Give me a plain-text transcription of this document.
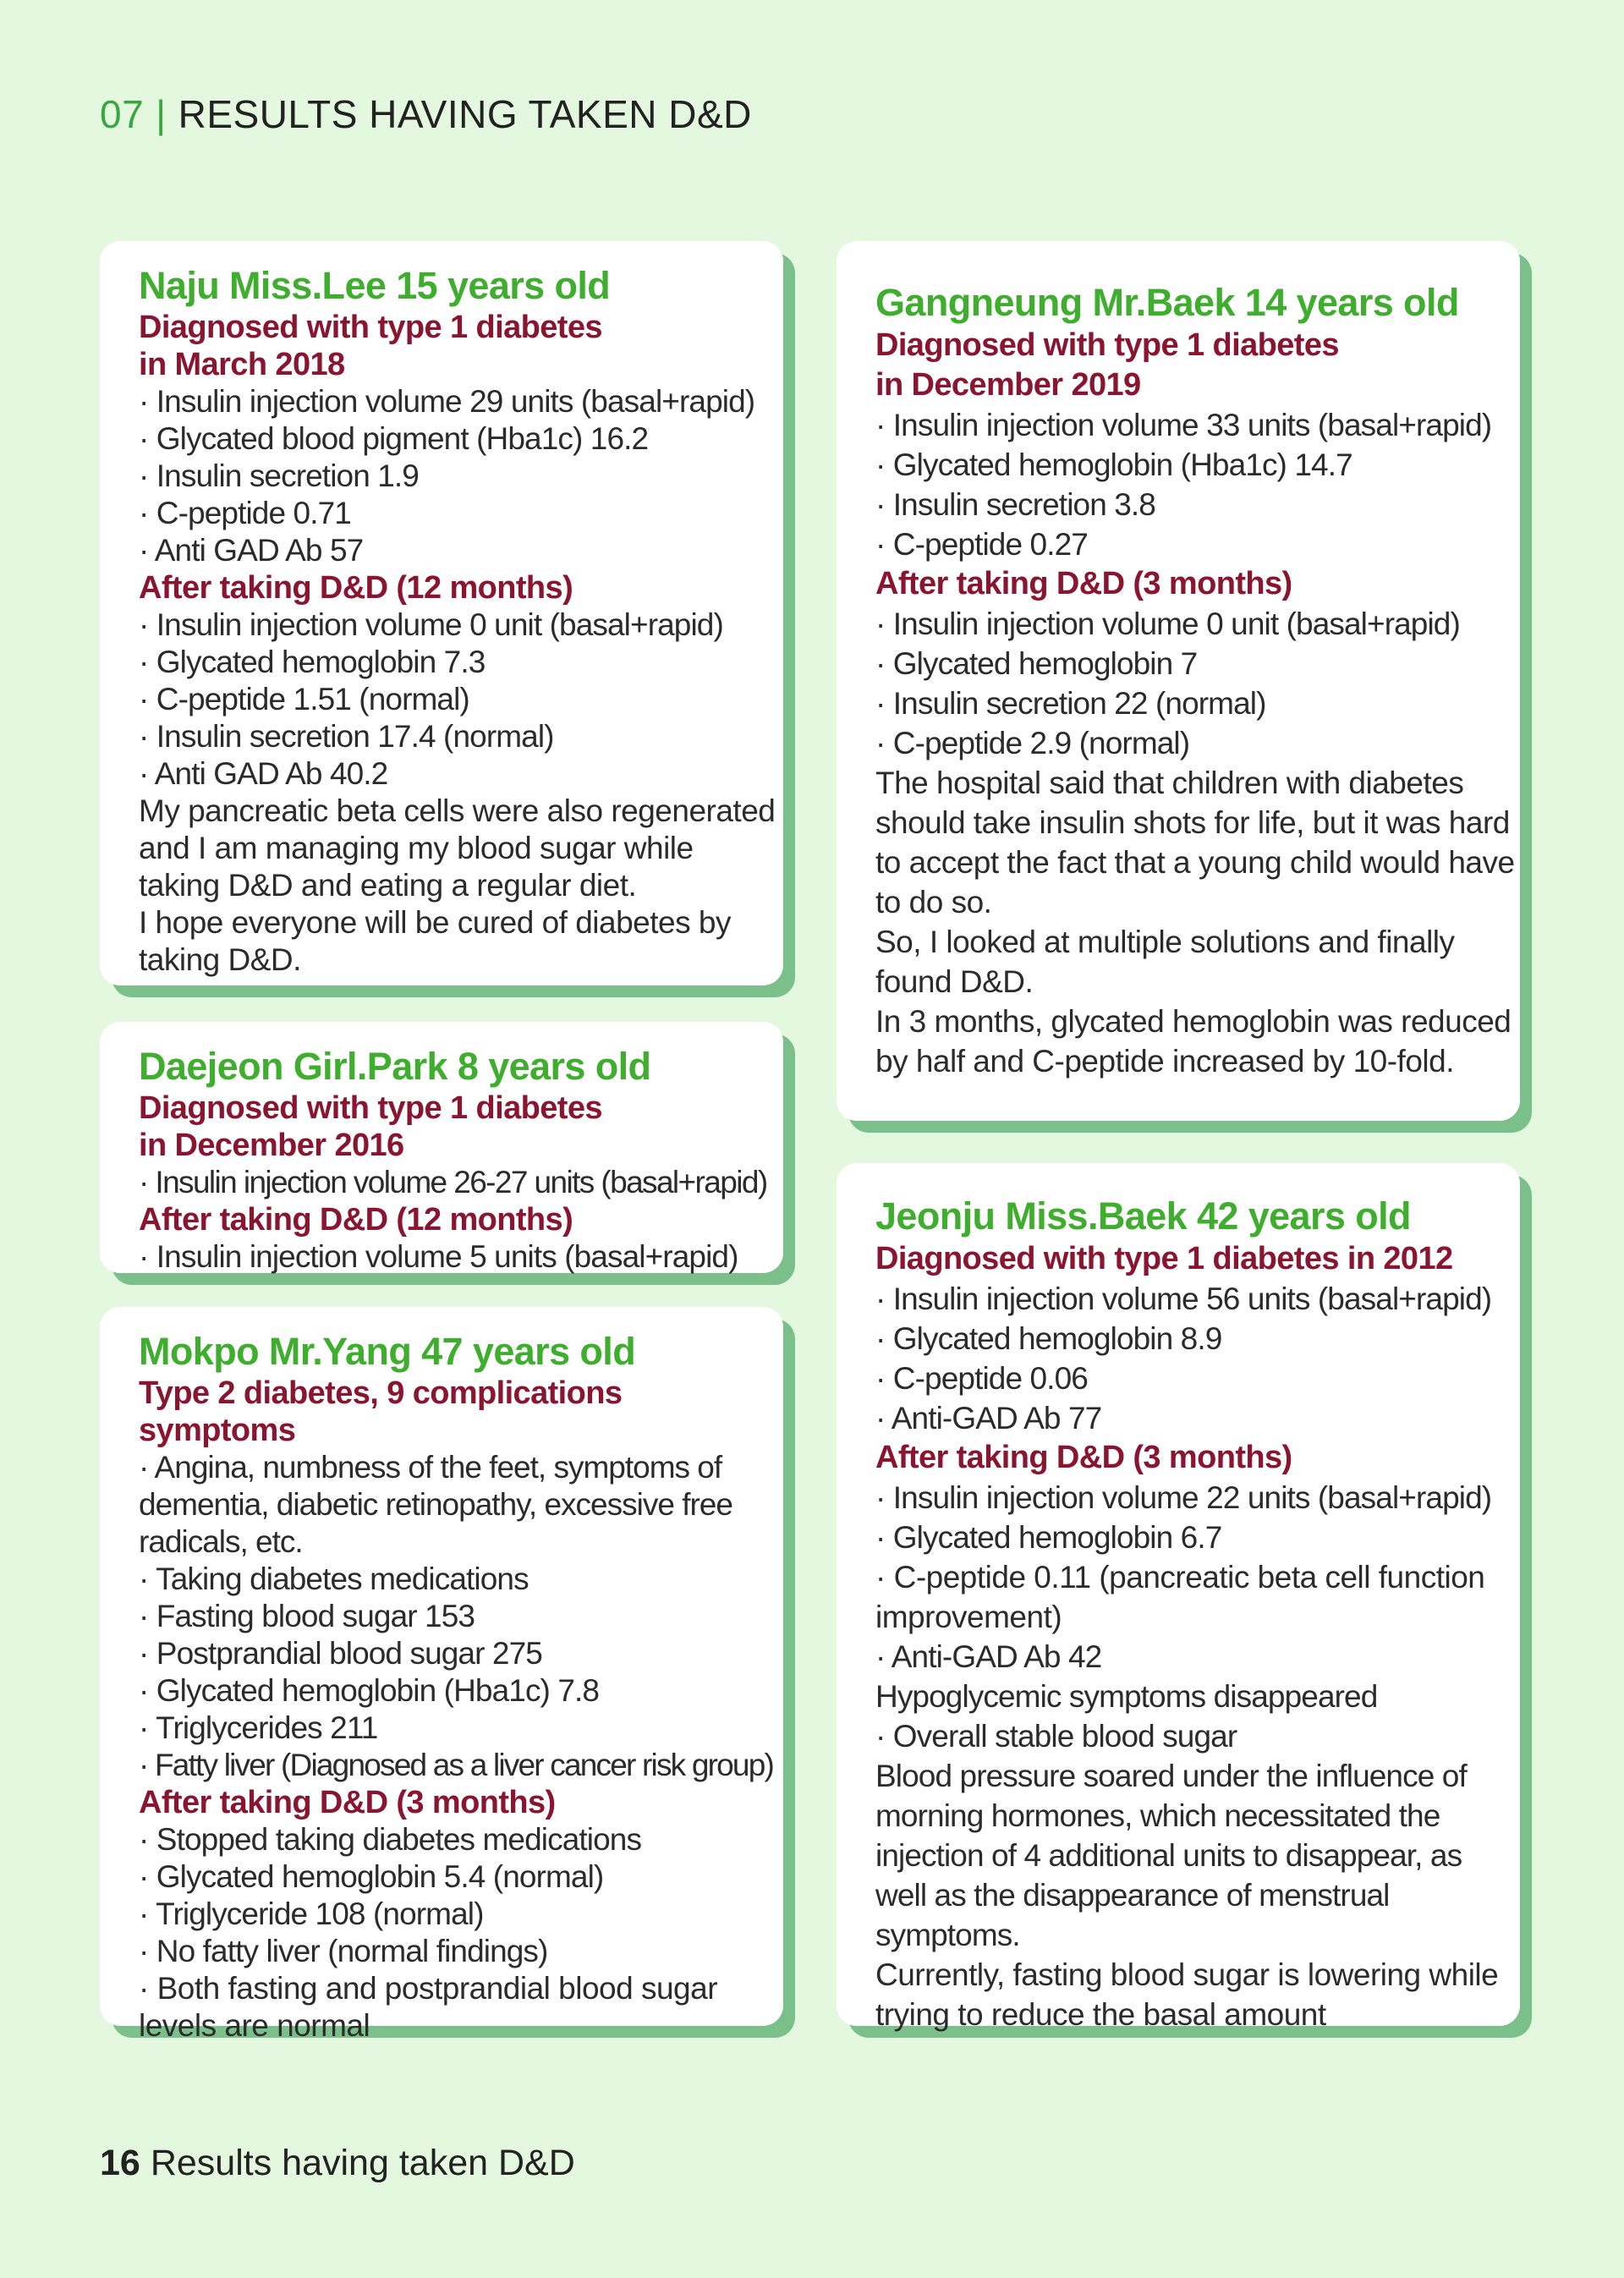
07 | RESULTS HAVING TAKEN D&D
Naju Miss.Lee 15 years old
Diagnosed with type 1 diabetes
in March 2018
· Insulin injection volume 29 units (basal+rapid)
· Glycated blood pigment (Hba1c) 16.2
· Insulin secretion 1.9
· C-peptide 0.71
· Anti GAD Ab 57
After taking D&D (12 months)
· Insulin injection volume 0 unit (basal+rapid)
· Glycated hemoglobin 7.3
· C-peptide 1.51 (normal)
· Insulin secretion 17.4 (normal)
· Anti GAD Ab 40.2
My pancreatic beta cells were also regenerated and I am managing my blood sugar while taking D&D and eating a regular diet.
I hope everyone will be cured of diabetes by taking D&D.
Daejeon Girl.Park 8 years old
Diagnosed with type 1 diabetes
in December 2016
· Insulin injection volume 26-27 units (basal+rapid)
After taking D&D (12 months)
· Insulin injection volume 5 units (basal+rapid)
Mokpo Mr.Yang 47 years old
Type 2 diabetes, 9 complications symptoms
· Angina, numbness of the feet, symptoms of dementia, diabetic retinopathy, excessive free radicals, etc.
· Taking diabetes medications
· Fasting blood sugar 153
· Postprandial blood sugar 275
· Glycated hemoglobin (Hba1c) 7.8
· Triglycerides 211
· Fatty liver (Diagnosed as a liver cancer risk group)
After taking D&D (3 months)
· Stopped taking diabetes medications
· Glycated hemoglobin 5.4 (normal)
· Triglyceride 108 (normal)
· No fatty liver (normal findings)
· Both fasting and postprandial blood sugar levels are normal
Gangneung Mr.Baek 14 years old
Diagnosed with type 1 diabetes
in December 2019
· Insulin injection volume 33 units (basal+rapid)
· Glycated hemoglobin (Hba1c) 14.7
· Insulin secretion 3.8
· C-peptide 0.27
After taking D&D (3 months)
· Insulin injection volume 0 unit (basal+rapid)
· Glycated hemoglobin 7
· Insulin secretion 22 (normal)
· C-peptide 2.9 (normal)
The hospital said that children with diabetes should take insulin shots for life, but it was hard to accept the fact that a young child would have to do so.
So, I looked at multiple solutions and finally found D&D.
In 3 months, glycated hemoglobin was reduced by half and C-peptide increased by 10-fold.
Jeonju Miss.Baek 42 years old
Diagnosed with type 1 diabetes in 2012
· Insulin injection volume 56 units (basal+rapid)
· Glycated hemoglobin 8.9
· C-peptide 0.06
· Anti-GAD Ab 77
After taking D&D (3 months)
· Insulin injection volume 22 units (basal+rapid)
· Glycated hemoglobin 6.7
· C-peptide 0.11 (pancreatic beta cell function improvement)
· Anti-GAD Ab 42
Hypoglycemic symptoms disappeared
· Overall stable blood sugar
Blood pressure soared under the influence of morning hormones, which necessitated the injection of 4 additional units to disappear, as well as the disappearance of menstrual symptoms.
Currently, fasting blood sugar is lowering while trying to reduce the basal amount
16 Results having taken D&D
